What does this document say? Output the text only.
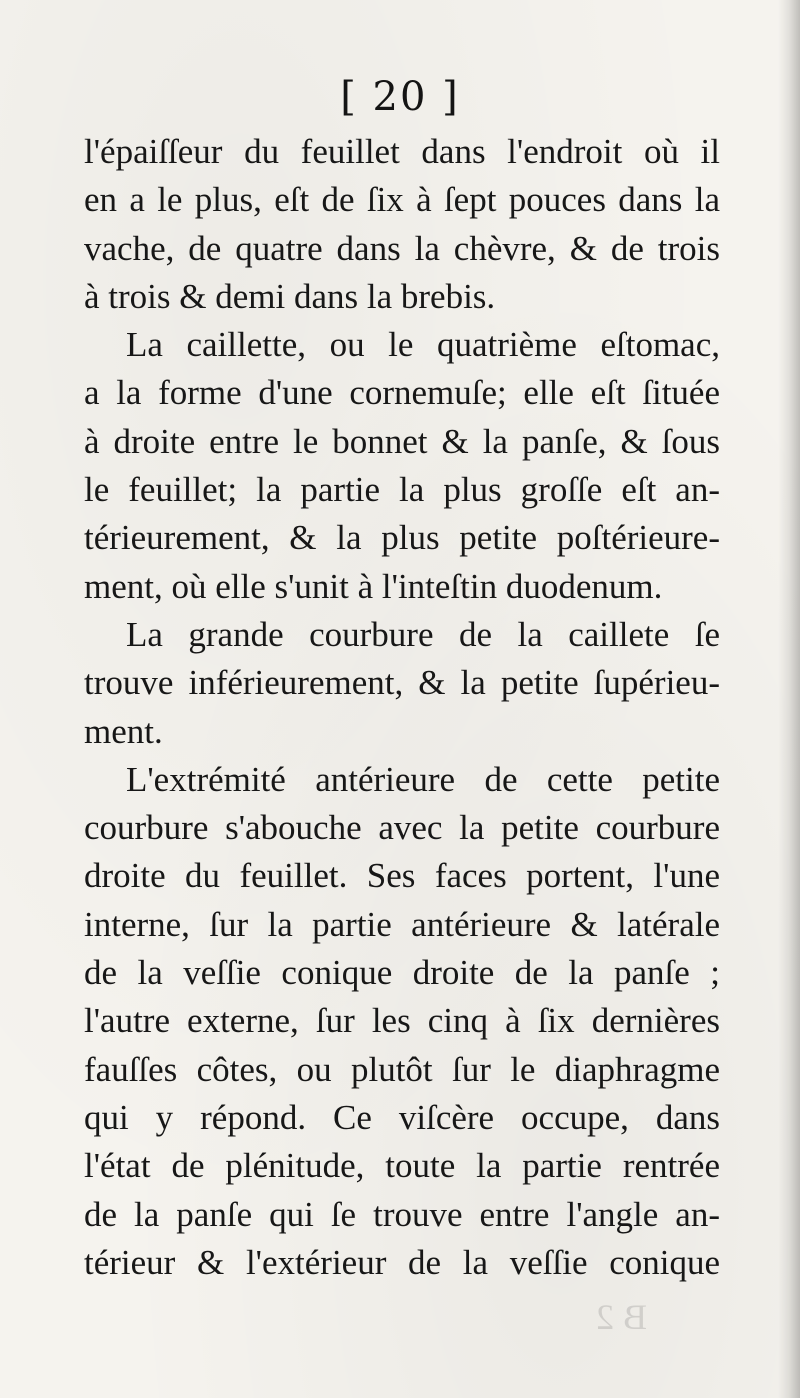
[ 20 ]
l'épaiſſeur du feuillet dans l'endroit où il
en a le plus, eſt de ſix à ſept pouces dans la
vache, de quatre dans la chèvre, & de trois
à trois & demi dans la brebis.
La caillette, ou le quatrième eſtomac,
a la forme d'une cornemuſe; elle eſt ſituée
à droite entre le bonnet & la panſe, & ſous
le feuillet; la partie la plus groſſe eſt an-
térieurement, & la plus petite poſtérieure-
ment, où elle s'unit à l'inteſtin duodenum.
La grande courbure de la caillete ſe
trouve inférieurement, & la petite ſupérieu-
ment.
L'extrémité antérieure de cette petite
courbure s'abouche avec la petite courbure
droite du feuillet. Ses faces portent, l'une
interne, ſur la partie antérieure & latérale
de la veſſie conique droite de la panſe ;
l'autre externe, ſur les cinq à ſix dernières
fauſſes côtes, ou plutôt ſur le diaphragme
qui y répond. Ce viſcère occupe, dans
l'état de plénitude, toute la partie rentrée
de la panſe qui ſe trouve entre l'angle an-
térieur & l'extérieur de la veſſie conique
B 2
